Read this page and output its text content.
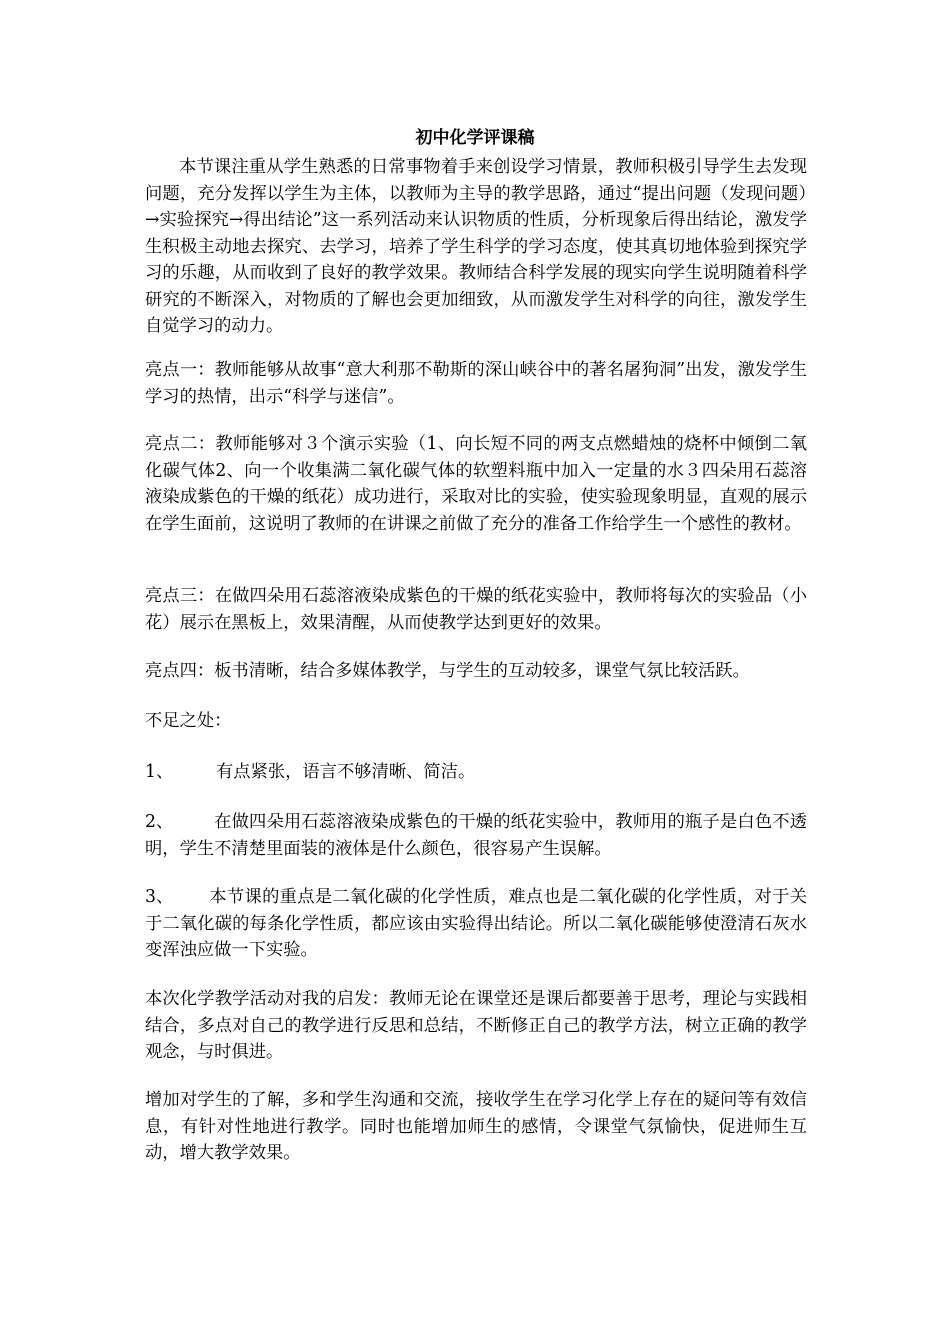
初中化学评课稿

本节课注重从学生熟悉的日常事物着手来创设学习情景，教师积极引导学生去发现问题，充分发挥以学生为主体，以教师为主导的教学思路，通过“提出问题（发现问题）→实验探究→得出结论”这一系列活动来认识物质的性质，分析现象后得出结论，激发学生积极主动地去探究、去学习，培养了学生科学的学习态度，使其真切地体验到探究学习的乐趣，从而收到了良好的教学效果。教师结合科学发展的现实向学生说明随着科学研究的不断深入，对物质的了解也会更加细致，从而激发学生对科学的向往，激发学生自觉学习的动力。

亮点一：教师能够从故事“意大利那不勒斯的深山峡谷中的著名屠狗洞”出发，激发学生学习的热情，出示“科学与迷信”。

亮点二：教师能够对３个演示实验（1、向长短不同的两支点燃蜡烛的烧杯中倾倒二氧化碳气体2、向一个收集满二氧化碳气体的软塑料瓶中加入一定量的水３四朵用石蕊溶液染成紫色的干燥的纸花）成功进行，采取对比的实验，使实验现象明显，直观的展示在学生面前，这说明了教师的在讲课之前做了充分的准备工作给学生一个感性的教材。

亮点三：在做四朵用石蕊溶液染成紫色的干燥的纸花实验中，教师将每次的实验品（小花）展示在黑板上，效果清醒，从而使教学达到更好的效果。

亮点四：板书清晰，结合多媒体教学，与学生的互动较多，课堂气氛比较活跃。

不足之处：

1、 有点紧张，语言不够清晰、简洁。

2、 在做四朵用石蕊溶液染成紫色的干燥的纸花实验中，教师用的瓶子是白色不透明，学生不清楚里面装的液体是什么颜色，很容易产生误解。

3、 本节课的重点是二氧化碳的化学性质，难点也是二氧化碳的化学性质，对于关于二氧化碳的每条化学性质，都应该由实验得出结论。所以二氧化碳能够使澄清石灰水变浑浊应做一下实验。

本次化学教学活动对我的启发：教师无论在课堂还是课后都要善于思考，理论与实践相结合，多点对自己的教学进行反思和总结，不断修正自己的教学方法，树立正确的教学观念，与时俱进。

增加对学生的了解，多和学生沟通和交流，接收学生在学习化学上存在的疑问等有效信息，有针对性地进行教学。同时也能增加师生的感情，令课堂气氛愉快，促进师生互动，增大教学效果。
